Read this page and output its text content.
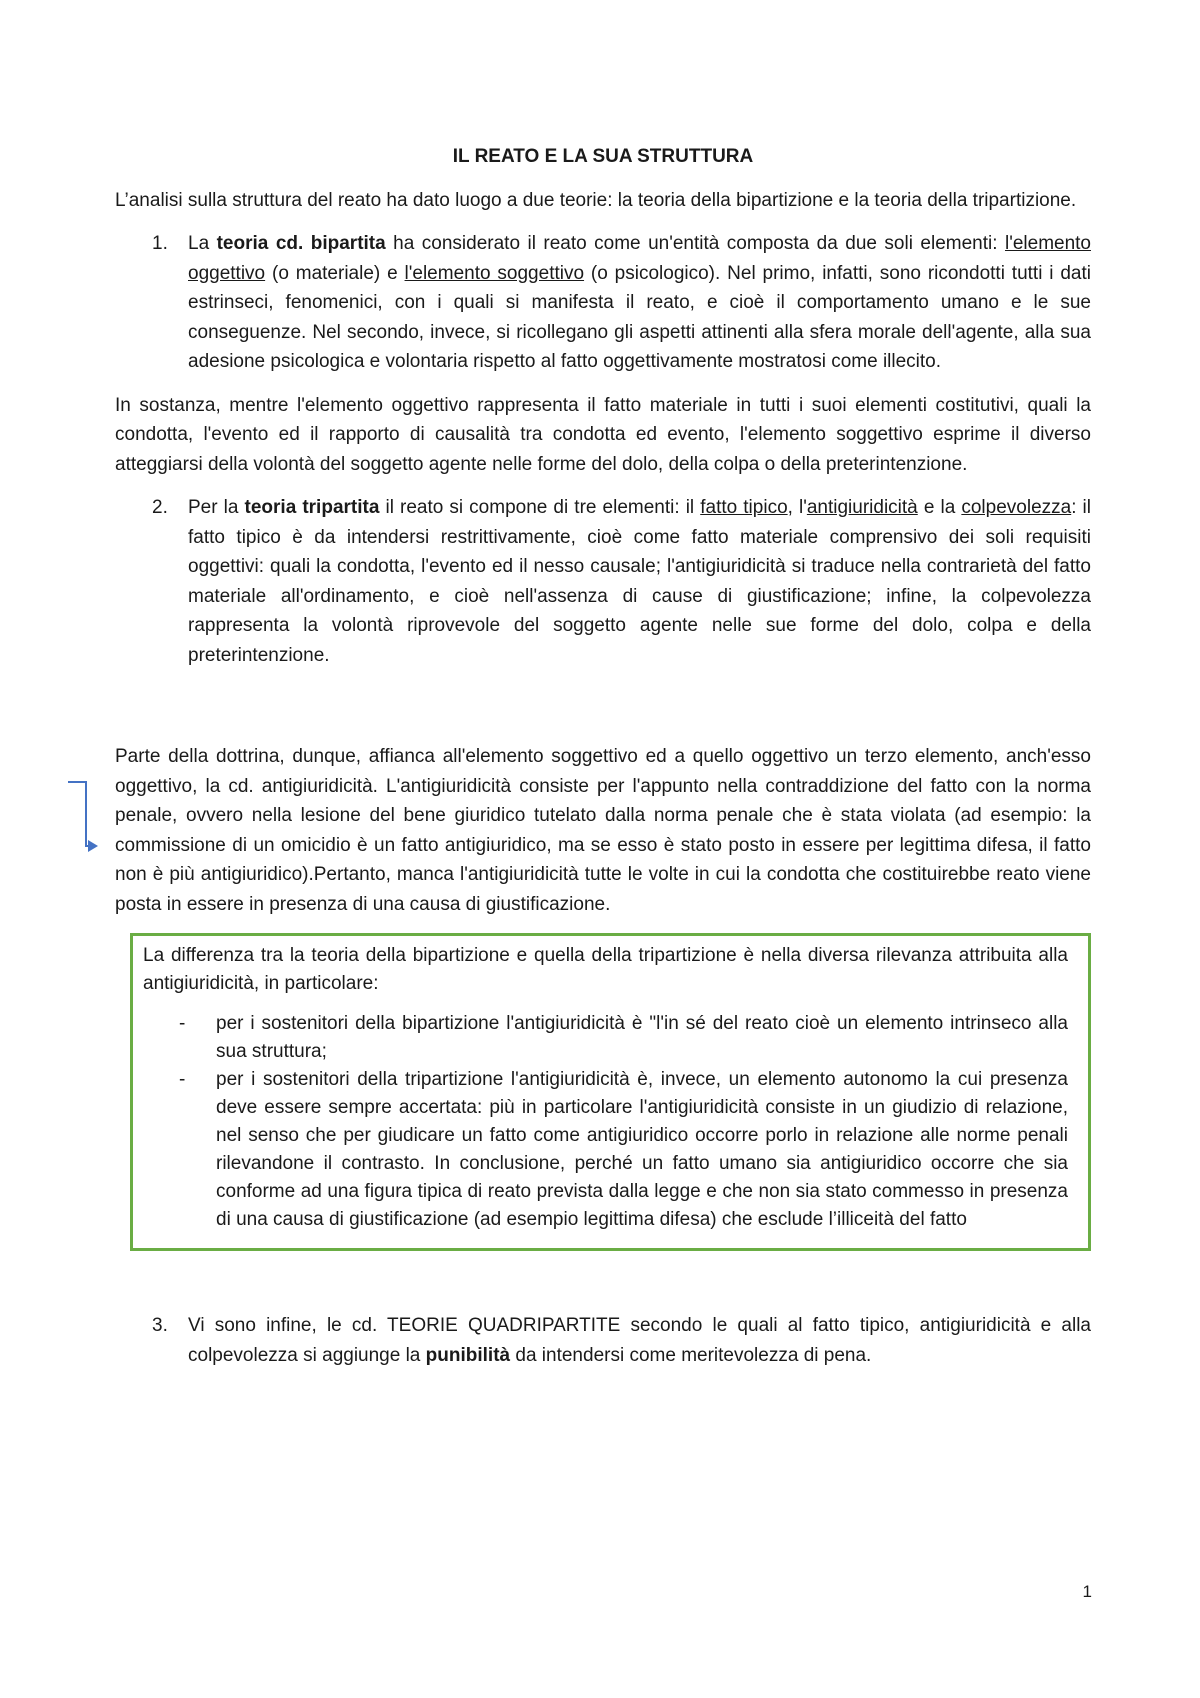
IL REATO E LA SUA STRUTTURA

L’analisi sulla struttura del reato ha dato luogo a due teorie: la teoria della bipartizione e la teoria della tripartizione.

1. La teoria cd. bipartita ha considerato il reato come un'entità composta da due soli elementi: l'elemento oggettivo (o materiale) e l'elemento soggettivo (o psicologico). Nel primo, infatti, sono ricondotti tutti i dati estrinseci, fenomenici, con i quali si manifesta il reato, e cioè il comportamento umano e le sue conseguenze. Nel secondo, invece, si ricollegano gli aspetti attinenti alla sfera morale dell'agente, alla sua adesione psicologica e volontaria rispetto al fatto oggettivamente mostratosi come illecito.

In sostanza, mentre l'elemento oggettivo rappresenta il fatto materiale in tutti i suoi elementi costitutivi, quali la condotta, l'evento ed il rapporto di causalità tra condotta ed evento, l'elemento soggettivo esprime il diverso atteggiarsi della volontà del soggetto agente nelle forme del dolo, della colpa o della preterintenzione.

2. Per la teoria tripartita il reato si compone di tre elementi: il fatto tipico, l'antigiuridicità e la colpevolezza: il fatto tipico è da intendersi restrittivamente, cioè come fatto materiale comprensivo dei soli requisiti oggettivi: quali la condotta, l'evento ed il nesso causale; l'antigiuridicità si traduce nella contrarietà del fatto materiale all'ordinamento, e cioè nell'assenza di cause di giustificazione; infine, la colpevolezza rappresenta la volontà riprovevole del soggetto agente nelle sue forme del dolo, colpa e della preterintenzione.

Parte della dottrina, dunque, affianca all'elemento soggettivo ed a quello oggettivo un terzo elemento, anch'esso oggettivo, la cd. antigiuridicità. L'antigiuridicità consiste per l'appunto nella contraddizione del fatto con la norma penale, ovvero nella lesione del bene giuridico tutelato dalla norma penale che è stata violata (ad esempio: la commissione di un omicidio è un fatto antigiuridico, ma se esso è stato posto in essere per legittima difesa, il fatto non è più antigiuridico).Pertanto, manca l'antigiuridicità tutte le volte in cui la condotta che costituirebbe reato viene posta in essere in presenza di una causa di giustificazione.

La differenza tra la teoria della bipartizione e quella della tripartizione è nella diversa rilevanza attribuita alla antigiuridicità, in particolare:

- per i sostenitori della bipartizione l'antigiuridicità è "l'in sé del reato cioè un elemento intrinseco alla sua struttura;
- per i sostenitori della tripartizione l'antigiuridicità è, invece, un elemento autonomo la cui presenza deve essere sempre accertata: più in particolare l'antigiuridicità consiste in un giudizio di relazione, nel senso che per giudicare un fatto come antigiuridico occorre porlo in relazione alle norme penali rilevandone il contrasto. In conclusione, perché un fatto umano sia antigiuridico occorre che sia conforme ad una figura tipica di reato prevista dalla legge e che non sia stato commesso in presenza di una causa di giustificazione (ad esempio legittima difesa) che esclude l’illiceità del fatto
3. Vi sono infine, le cd. TEORIE QUADRIPARTITE secondo le quali al fatto tipico, antigiuridicità e alla colpevolezza si aggiunge la punibilità da intendersi come meritevolezza di pena.
1
